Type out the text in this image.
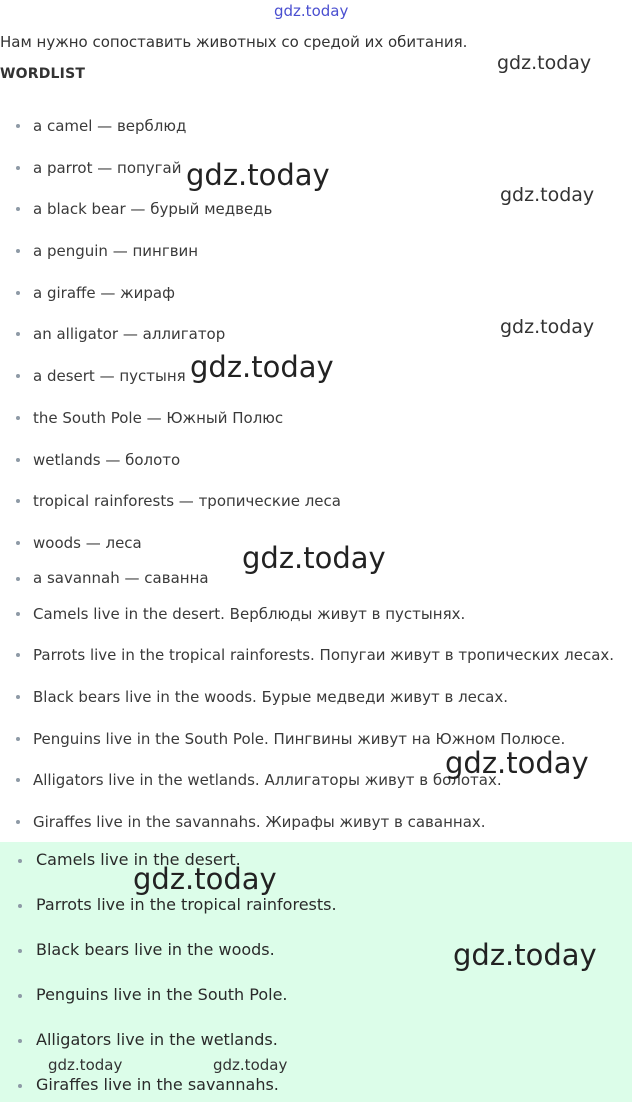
gdz.today
Нам нужно сопоставить животных со средой их обитания.
WORDLIST
a camel — верблюд
a parrot — попугай
a black bear — бурый медведь
a penguin — пингвин
a giraffe — жираф
an alligator — аллигатор
a desert — пустыня
the South Pole — Южный Полюс
wetlands — болото
tropical rainforests — тропические леса
woods — леса
a savannah — саванна
Camels live in the desert. Верблюды живут в пустынях.
Parrots live in the tropical rainforests. Попугаи живут в тропических лесах.
Black bears live in the woods. Бурые медведи живут в лесах.
Penguins live in the South Pole. Пингвины живут на Южном Полюсе.
Alligators live in the wetlands. Аллигаторы живут в болотах.
Giraffes live in the savannahs. Жирафы живут в саваннах.
Camels live in the desert.
Parrots live in the tropical rainforests.
Black bears live in the woods.
Penguins live in the South Pole.
Alligators live in the wetlands.
Giraffes live in the savannahs.
gdz.today
gdz.today
gdz.today
gdz.today
gdz.today
gdz.today
gdz.today
gdz.today
gdz.today
gdz.today	gdz.today
